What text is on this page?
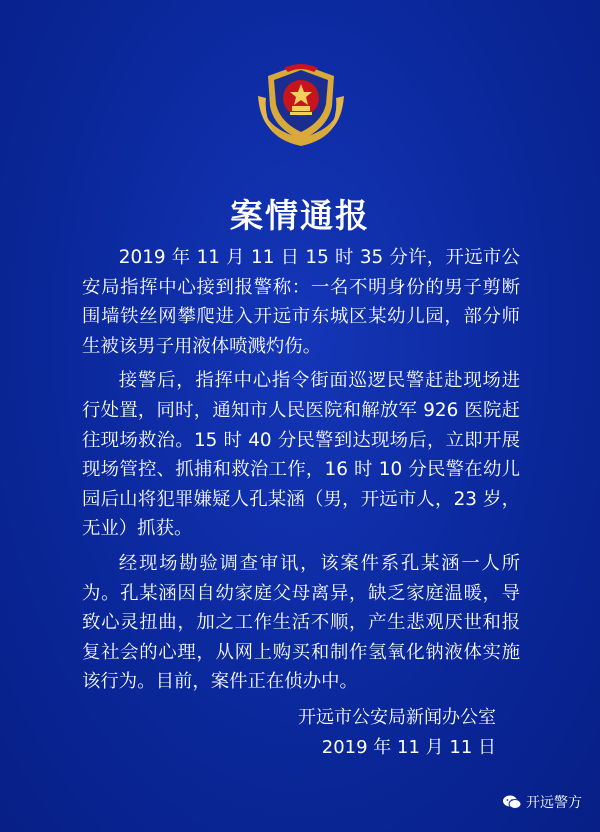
案情通报

2019 年 11 月 11 日 15 时 35 分许，开远市公安局指挥中心接到报警称：一名不明身份的男子剪断围墙铁丝网攀爬进入开远市东城区某幼儿园，部分师生被该男子用液体喷溅灼伤。

接警后，指挥中心指令街面巡逻民警赶赴现场进行处置，同时，通知市人民医院和解放军 926 医院赶往现场救治。15 时 40 分民警到达现场后，立即开展现场管控、抓捕和救治工作，16 时 10 分民警在幼儿园后山将犯罪嫌疑人孔某涵（男，开远市人，23 岁，无业）抓获。

经现场勘验调查审讯，该案件系孔某涵一人所为。孔某涵因自幼家庭父母离异，缺乏家庭温暖，导致心灵扭曲，加之工作生活不顺，产生悲观厌世和报复社会的心理，从网上购买和制作氢氧化钠液体实施该行为。目前，案件正在侦办中。

开远市公安局新闻办公室
2019 年 11 月 11 日
开远警方
